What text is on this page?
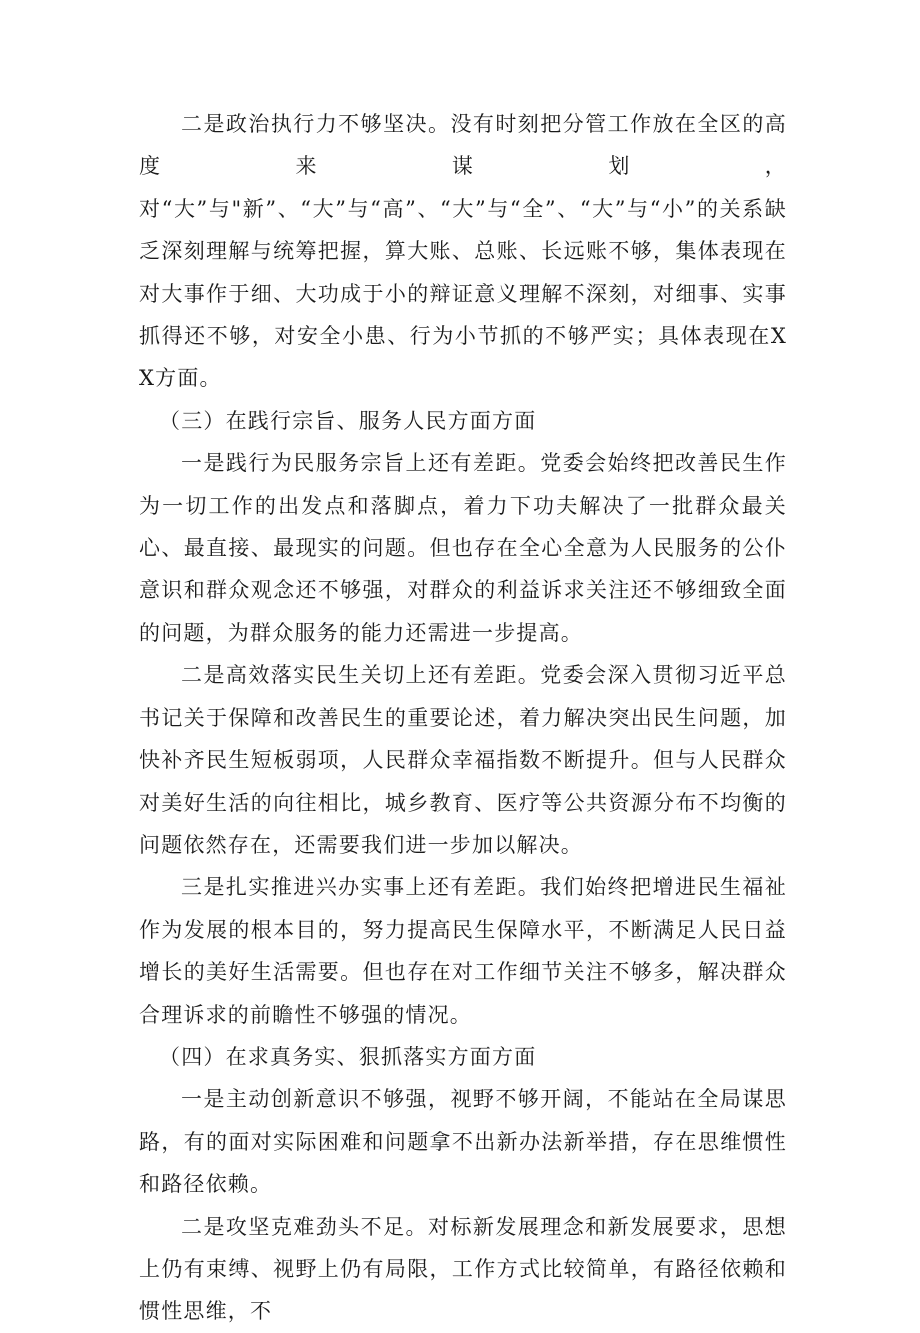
二是政治执行力不够坚决。没有时刻把分管工作放在全区的高度来谋划，对“大”与"新”、“大”与“高”、“大”与“全”、“大”与“小”的关系缺乏深刻理解与统筹把握，算大账、总账、长远账不够，集体表现在对大事作于细、大功成于小的辩证意义理解不深刻，对细事、实事抓得还不够，对安全小患、行为小节抓的不够严实；具体表现在XX方面。

（三）在践行宗旨、服务人民方面方面

一是践行为民服务宗旨上还有差距。党委会始终把改善民生作为一切工作的出发点和落脚点，着力下功夫解决了一批群众最关心、最直接、最现实的问题。但也存在全心全意为人民服务的公仆意识和群众观念还不够强，对群众的利益诉求关注还不够细致全面的问题，为群众服务的能力还需进一步提高。

二是高效落实民生关切上还有差距。党委会深入贯彻习近平总书记关于保障和改善民生的重要论述，着力解决突出民生问题，加快补齐民生短板弱项，人民群众幸福指数不断提升。但与人民群众对美好生活的向往相比，城乡教育、医疗等公共资源分布不均衡的问题依然存在，还需要我们进一步加以解决。

三是扎实推进兴办实事上还有差距。我们始终把增进民生福祉作为发展的根本目的，努力提高民生保障水平，不断满足人民日益增长的美好生活需要。但也存在对工作细节关注不够多，解决群众合理诉求的前瞻性不够强的情况。

（四）在求真务实、狠抓落实方面方面

一是主动创新意识不够强，视野不够开阔，不能站在全局谋思路，有的面对实际困难和问题拿不出新办法新举措，存在思维惯性和路径依赖。

二是攻坚克难劲头不足。对标新发展理念和新发展要求，思想上仍有束缚、视野上仍有局限，工作方式比较简单，有路径依赖和惯性思维，不
